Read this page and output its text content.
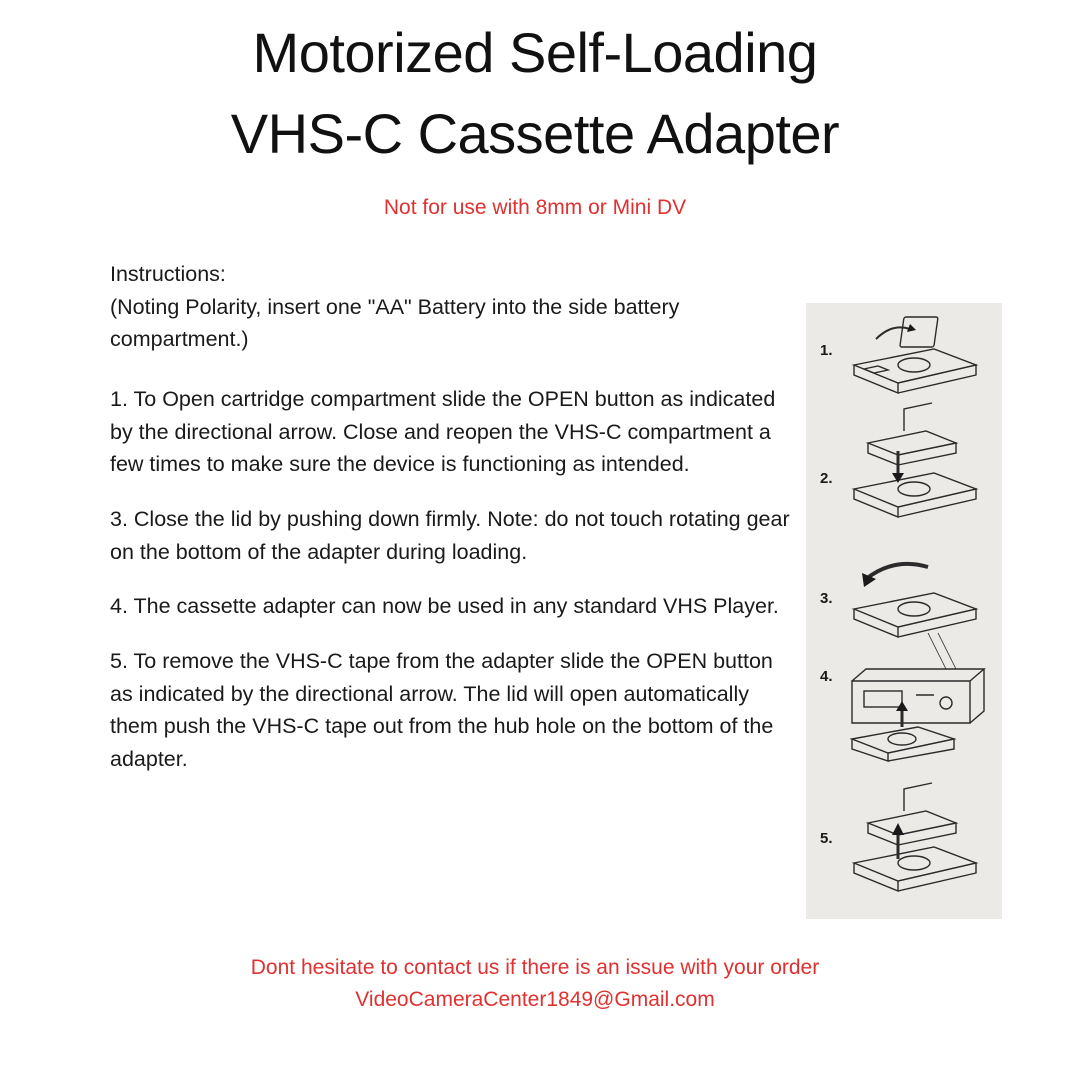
Motorized Self-Loading
VHS-C Cassette Adapter
Not for use with 8mm or Mini DV

Instructions:

(Noting Polarity, insert one "AA" Battery into the side battery compartment.)

1. To Open cartridge compartment slide the OPEN button as indicated by the directional arrow. Close and reopen the VHS-C compartment a few times to make sure the device is functioning as intended.

3. Close the lid by pushing down firmly. Note: do not touch rotating gear on the bottom of the adapter during loading.

4. The cassette adapter can now be used in any standard VHS Player.

5. To remove the VHS-C tape from the adapter slide the OPEN button as indicated by the directional arrow. The lid will open automatically them push the VHS-C tape out from the hub hole on the bottom of the adapter.

1.
2.
3.
4.
5.
Dont hesitate to contact us if there is an issue with your order
VideoCameraCenter1849@Gmail.com
